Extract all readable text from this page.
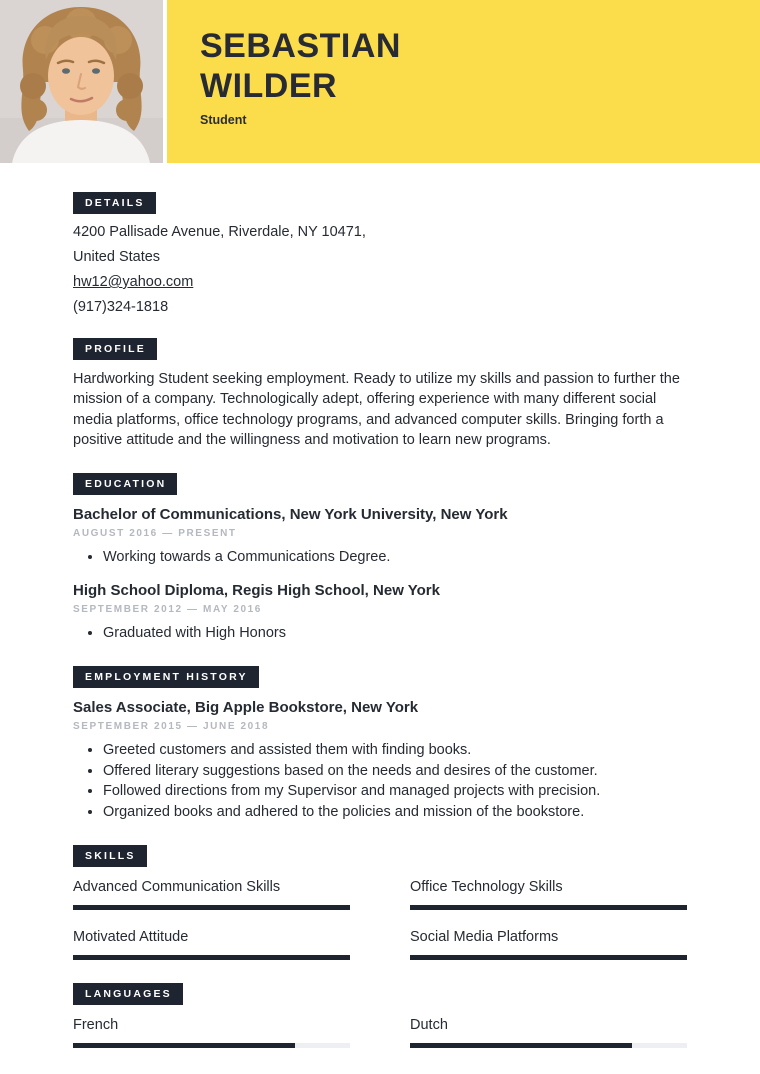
SEBASTIAN WILDER
Student
DETAILS
4200 Pallisade Avenue, Riverdale, NY 10471,
United States
hw12@yahoo.com
(917)324-1818
PROFILE

Hardworking Student seeking employment. Ready to utilize my skills and passion to further the mission of a company. Technologically adept, offering experience with many different social media platforms, office technology programs, and advanced computer skills. Bringing forth a positive attitude and the willingness and motivation to learn new programs.

EDUCATION
Bachelor of Communications, New York University, New York
AUGUST 2016 — PRESENT
• Working towards a Communications Degree.
High School Diploma, Regis High School, New York
SEPTEMBER 2012 — MAY 2016
• Graduated with High Honors
EMPLOYMENT HISTORY
Sales Associate, Big Apple Bookstore, New York
SEPTEMBER 2015 — JUNE 2018
• Greeted customers and assisted them with finding books.
• Offered literary suggestions based on the needs and desires of the customer.
• Followed directions from my Supervisor and managed projects with precision.
• Organized books and adhered to the policies and mission of the bookstore.
SKILLS
Advanced Communication Skills	Office Technology Skills
Motivated Attitude	Social Media Platforms
LANGUAGES
French	Dutch
